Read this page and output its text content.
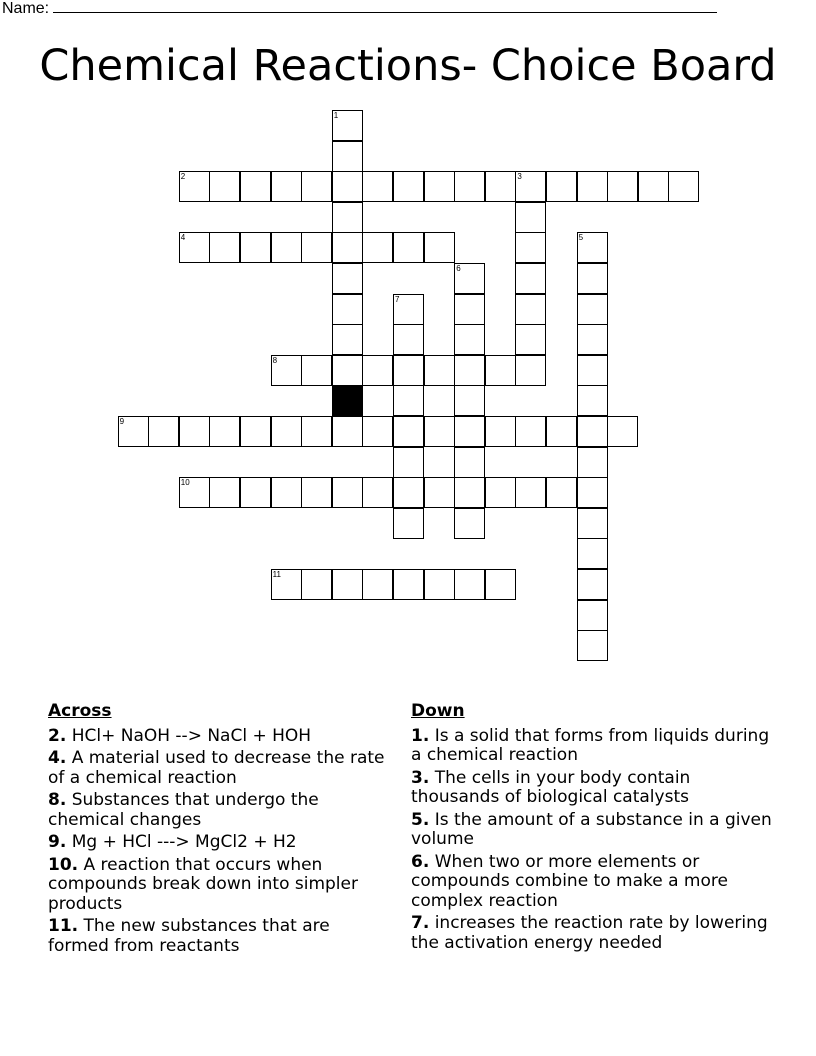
Name:
Chemical Reactions- Choice Board
1
2	3
4	5
6
7
8
9
10
11
Across
2. HCl+ NaOH --> NaCl + HOH
4. A material used to decrease the rate of a chemical reaction
8. Substances that undergo the chemical changes
9. Mg + HCl ---> MgCl2 + H2
10. A reaction that occurs when compounds break down into simpler products
11. The new substances that are formed from reactants
Down
1. Is a solid that forms from liquids during a chemical reaction
3. The cells in your body contain thousands of biological catalysts
5. Is the amount of a substance in a given volume
6. When two or more elements or compounds combine to make a more complex reaction
7. increases the reaction rate by lowering the activation energy needed
